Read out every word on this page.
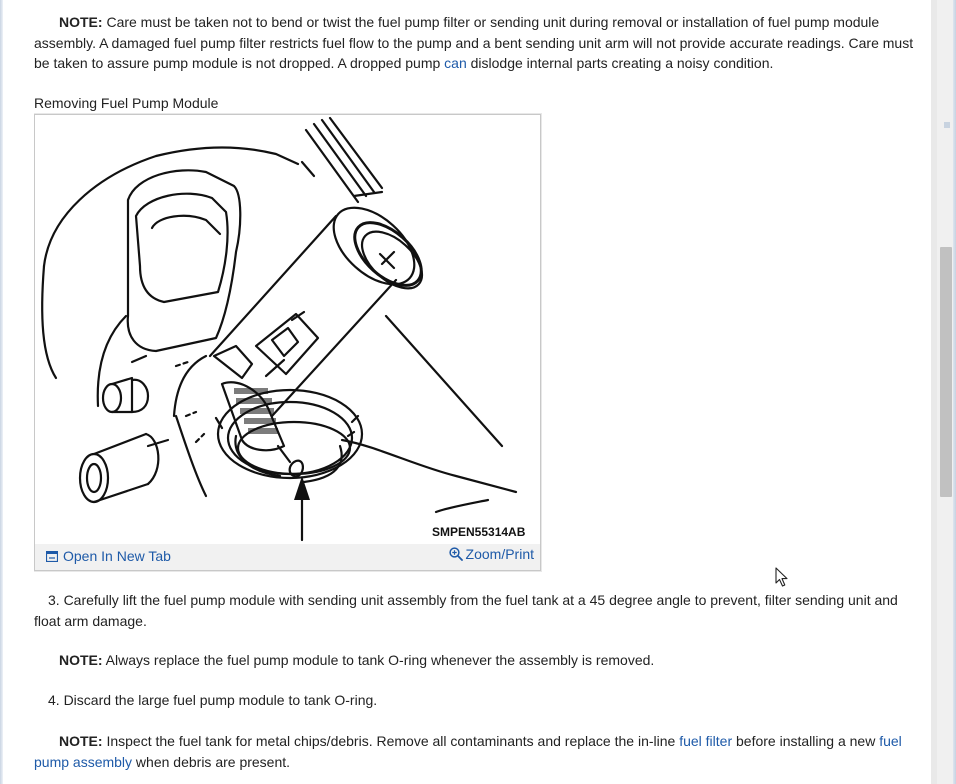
NOTE: Care must be taken not to bend or twist the fuel pump filter or sending unit during removal or installation of fuel pump module assembly. A damaged fuel pump filter restricts fuel flow to the pump and a bent sending unit arm will not provide accurate readings. Care must be taken to assure pump module is not dropped. A dropped pump can dislodge internal parts creating a noisy condition.

Removing Fuel Pump Module
SMPEN55314AB
Open In New Tab	Zoom/Print

3. Carefully lift the fuel pump module with sending unit assembly from the fuel tank at a 45 degree angle to prevent, filter sending unit and float arm damage.

NOTE: Always replace the fuel pump module to tank O-ring whenever the assembly is removed.

4. Discard the large fuel pump module to tank O-ring.

NOTE: Inspect the fuel tank for metal chips/debris. Remove all contaminants and replace the in-line fuel filter before installing a new fuel pump assembly when debris are present.
